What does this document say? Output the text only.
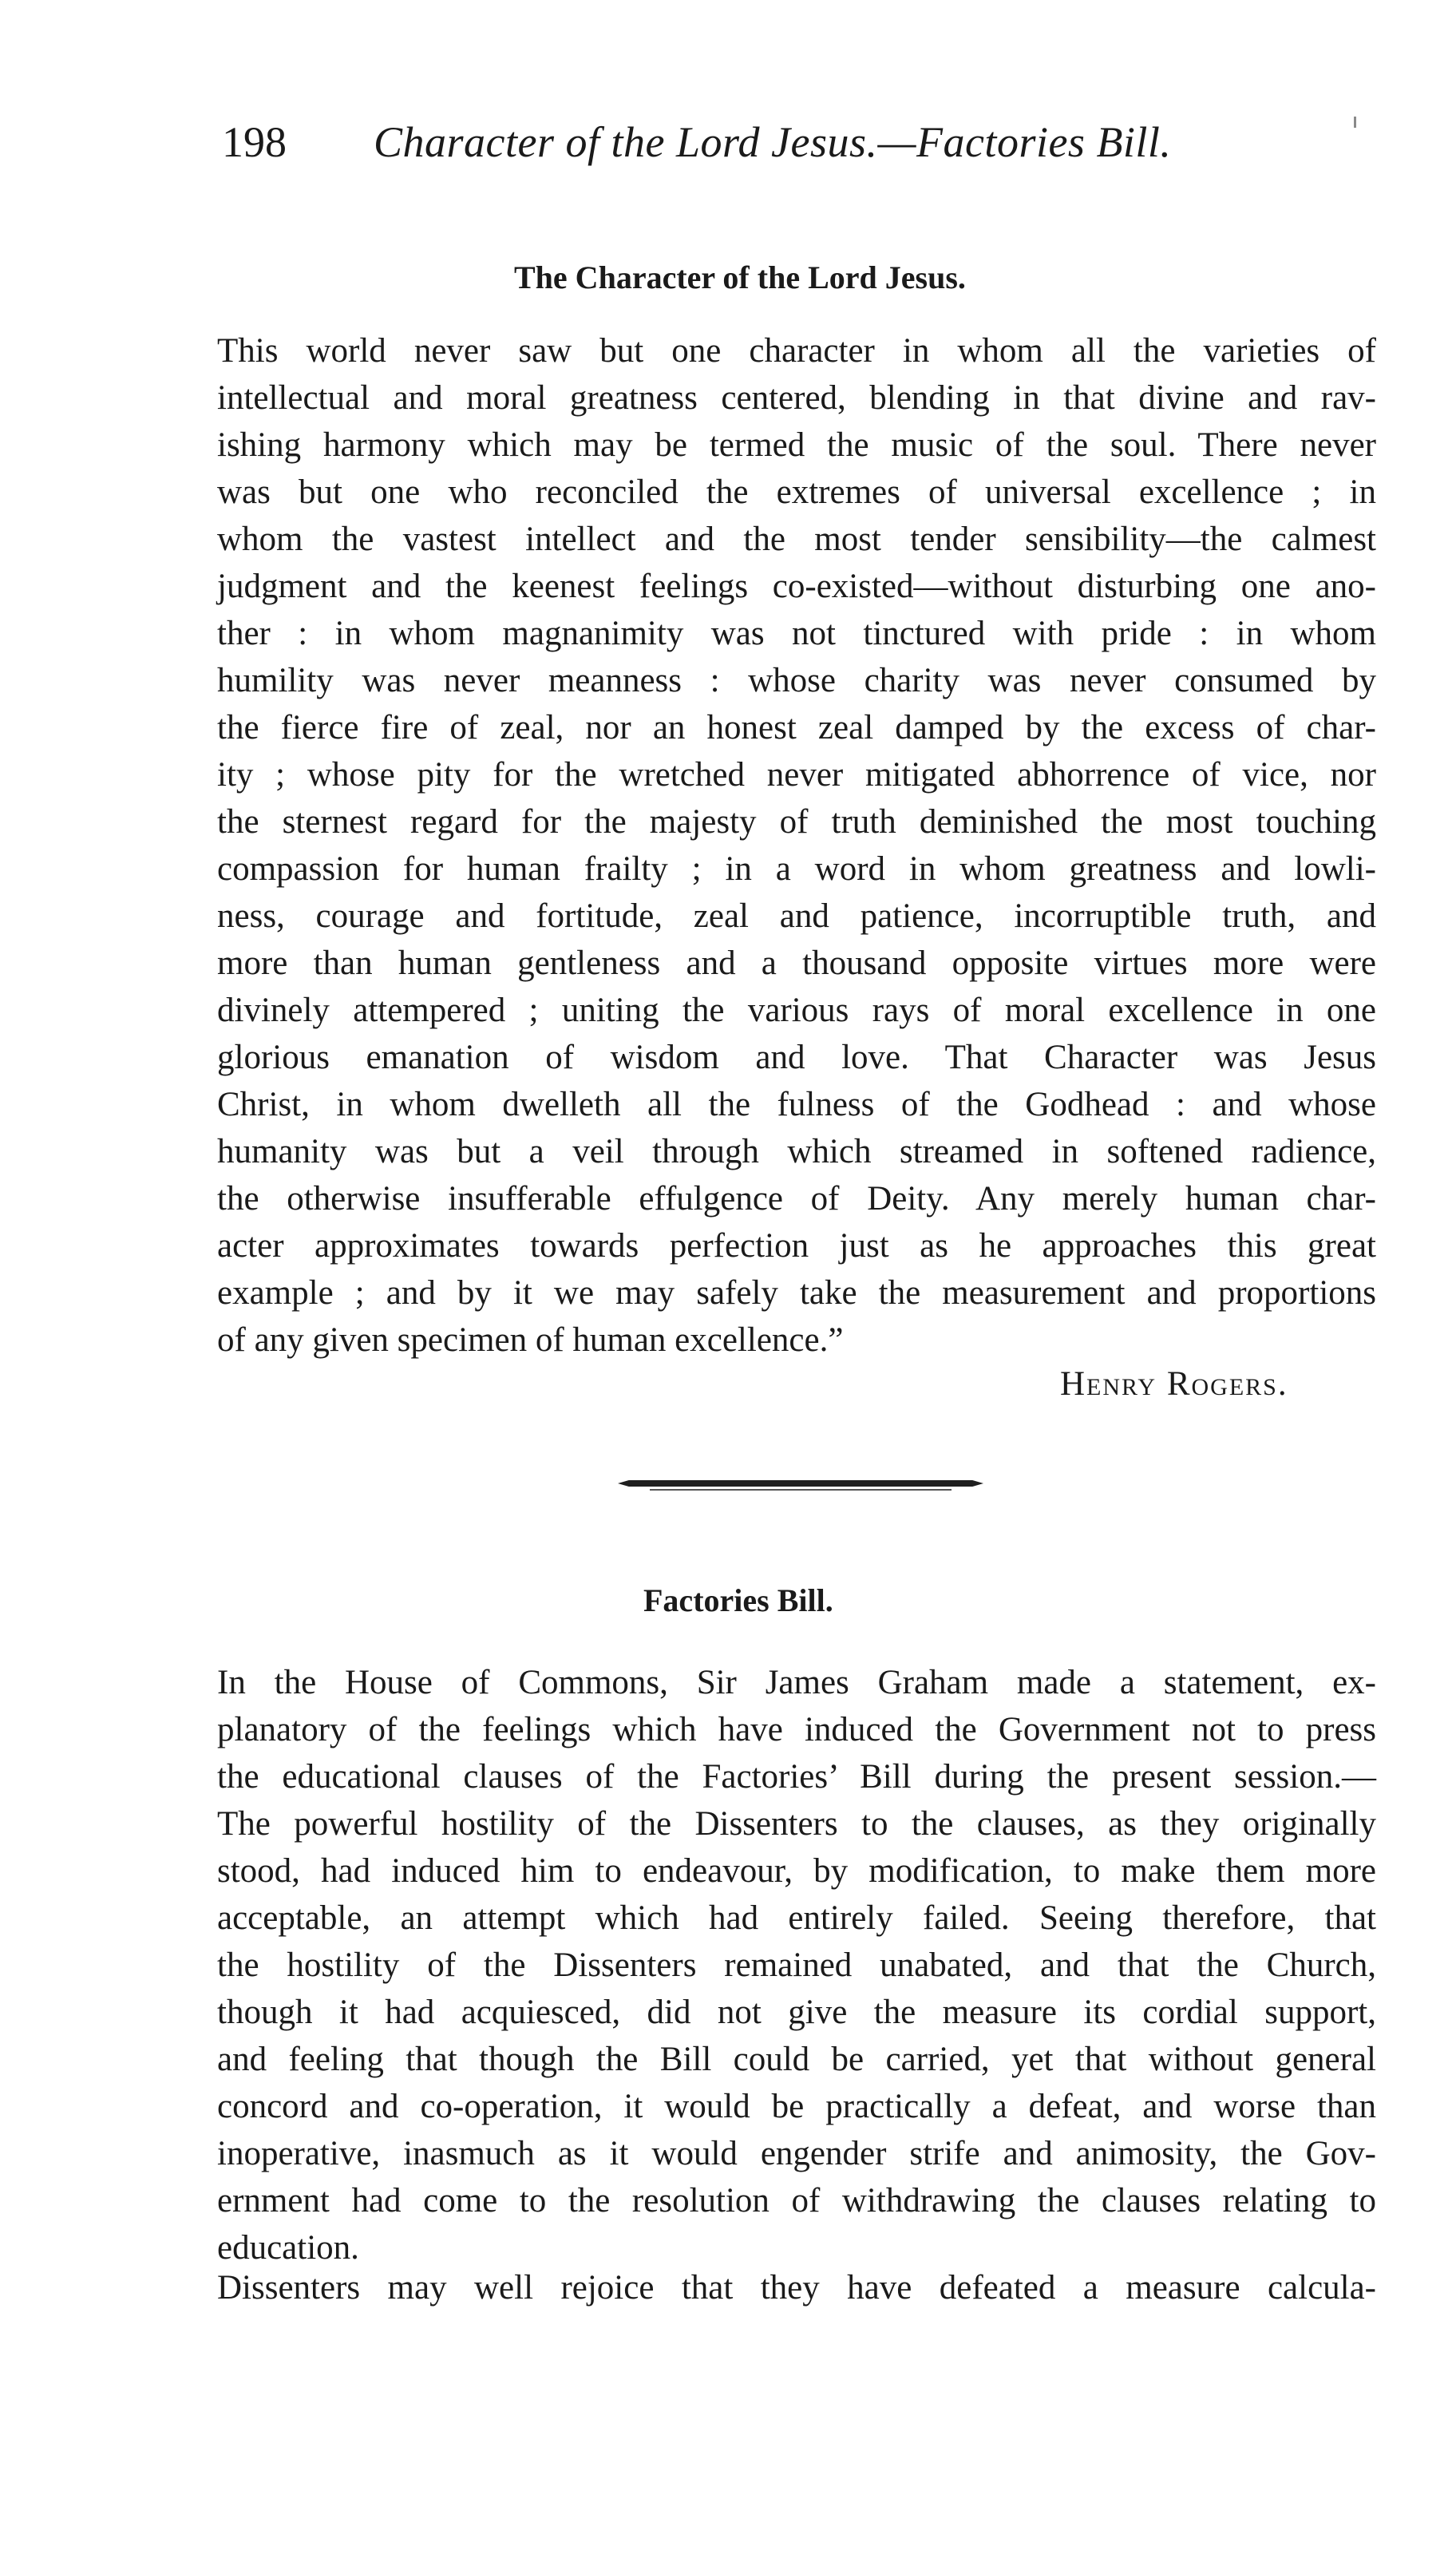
198 Character of the Lord Jesus.—Factories Bill.
The Character of the Lord Jesus.
This world never saw but one character in whom all the varieties of
intellectual and moral greatness centered, blending in that divine and rav-
ishing harmony which may be termed the music of the soul. There never
was but one who reconciled the extremes of universal excellence ; in
whom the vastest intellect and the most tender sensibility—the calmest
judgment and the keenest feelings co-existed—without disturbing one ano-
ther : in whom magnanimity was not tinctured with pride : in whom
humility was never meanness : whose charity was never consumed by
the fierce fire of zeal, nor an honest zeal damped by the excess of char-
ity ; whose pity for the wretched never mitigated abhorrence of vice, nor
the sternest regard for the majesty of truth deminished the most touching
compassion for human frailty ; in a word in whom greatness and lowli-
ness, courage and fortitude, zeal and patience, incorruptible truth, and
more than human gentleness and a thousand opposite virtues more were
divinely attempered ; uniting the various rays of moral excellence in one
glorious emanation of wisdom and love. That Character was Jesus
Christ, in whom dwelleth all the fulness of the Godhead : and whose
humanity was but a veil through which streamed in softened radience,
the otherwise insufferable effulgence of Deity. Any merely human char-
acter approximates towards perfection just as he approaches this great
example ; and by it we may safely take the measurement and proportions
of any given specimen of human excellence.”
Henry Rogers.
Factories Bill.
In the House of Commons, Sir James Graham made a statement, ex-
planatory of the feelings which have induced the Government not to press
the educational clauses of the Factories’ Bill during the present session.—
The powerful hostility of the Dissenters to the clauses, as they originally
stood, had induced him to endeavour, by modification, to make them more
acceptable, an attempt which had entirely failed. Seeing therefore, that
the hostility of the Dissenters remained unabated, and that the Church,
though it had acquiesced, did not give the measure its cordial support,
and feeling that though the Bill could be carried, yet that without general
concord and co-operation, it would be practically a defeat, and worse than
inoperative, inasmuch as it would engender strife and animosity, the Gov-
ernment had come to the resolution of withdrawing the clauses relating to
education.
Dissenters may well rejoice that they have defeated a measure calcula-
